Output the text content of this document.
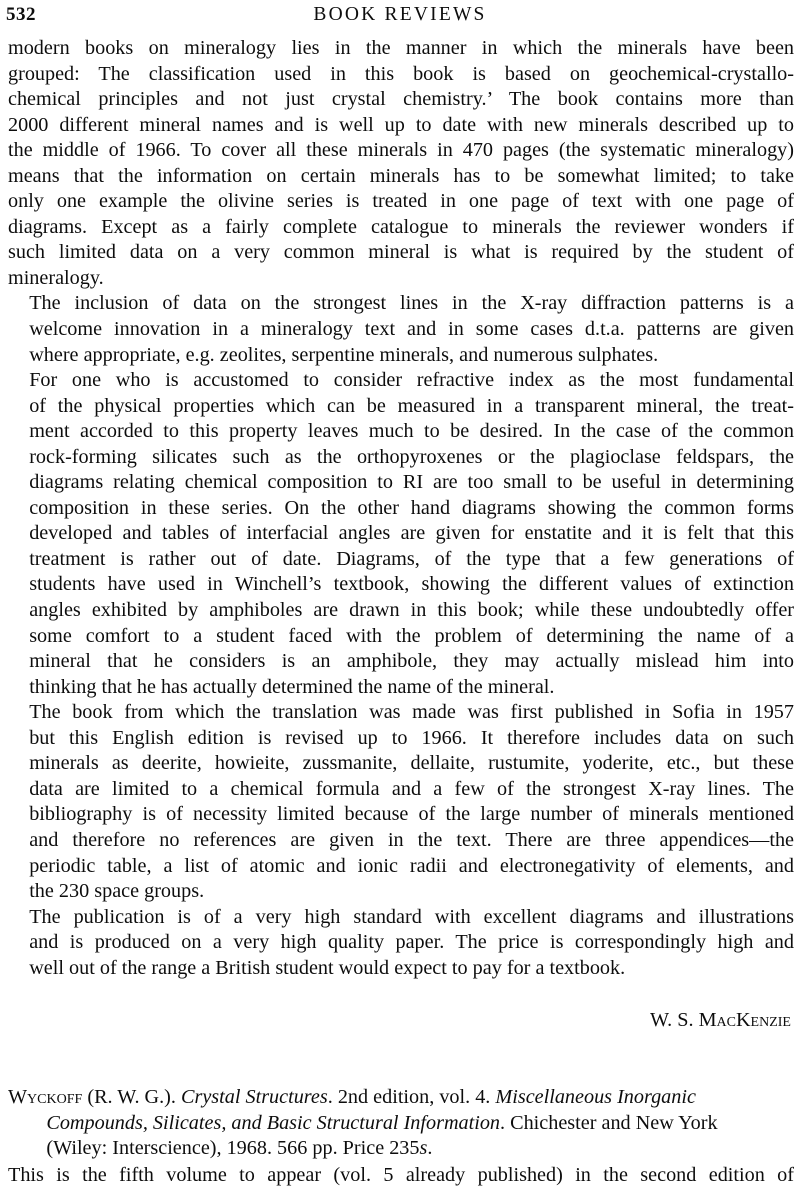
532	BOOK REVIEWS

modern books on mineralogy lies in the manner in which the minerals have been
grouped: The classification used in this book is based on geochemical-crystallo-
chemical principles and not just crystal chemistry.’ The book contains more than
2000 different mineral names and is well up to date with new minerals described up to
the middle of 1966. To cover all these minerals in 470 pages (the systematic mineralogy)
means that the information on certain minerals has to be somewhat limited; to take
only one example the olivine series is treated in one page of text with one page of
diagrams. Except as a fairly complete catalogue to minerals the reviewer wonders if
such limited data on a very common mineral is what is required by the student of
mineralogy.

The inclusion of data on the strongest lines in the X-ray diffraction patterns is a
welcome innovation in a mineralogy text and in some cases d.t.a. patterns are given
where appropriate, e.g. zeolites, serpentine minerals, and numerous sulphates.

For one who is accustomed to consider refractive index as the most fundamental
of the physical properties which can be measured in a transparent mineral, the treat-
ment accorded to this property leaves much to be desired. In the case of the common
rock-forming silicates such as the orthopyroxenes or the plagioclase feldspars, the
diagrams relating chemical composition to RI are too small to be useful in determining
composition in these series. On the other hand diagrams showing the common forms
developed and tables of interfacial angles are given for enstatite and it is felt that this
treatment is rather out of date. Diagrams, of the type that a few generations of
students have used in Winchell’s textbook, showing the different values of extinction
angles exhibited by amphiboles are drawn in this book; while these undoubtedly offer
some comfort to a student faced with the problem of determining the name of a
mineral that he considers is an amphibole, they may actually mislead him into
thinking that he has actually determined the name of the mineral.

The book from which the translation was made was first published in Sofia in 1957
but this English edition is revised up to 1966. It therefore includes data on such
minerals as deerite, howieite, zussmanite, dellaite, rustumite, yoderite, etc., but these
data are limited to a chemical formula and a few of the strongest X-ray lines. The
bibliography is of necessity limited because of the large number of minerals mentioned
and therefore no references are given in the text. There are three appendices—the
periodic table, a list of atomic and ionic radii and electronegativity of elements, and
the 230 space groups.

The publication is of a very high standard with excellent diagrams and illustrations
and is produced on a very high quality paper. The price is correspondingly high and
well out of the range a British student would expect to pay for a textbook.

W. S. MacKenzie
Wyckoff (R. W. G.). Crystal Structures. 2nd edition, vol. 4. Miscellaneous Inorganic
Compounds, Silicates, and Basic Structural Information. Chichester and New York
(Wiley: Interscience), 1968. 566 pp. Price 235s.
This is the fifth volume to appear (vol. 5 already published) in the second edition of
